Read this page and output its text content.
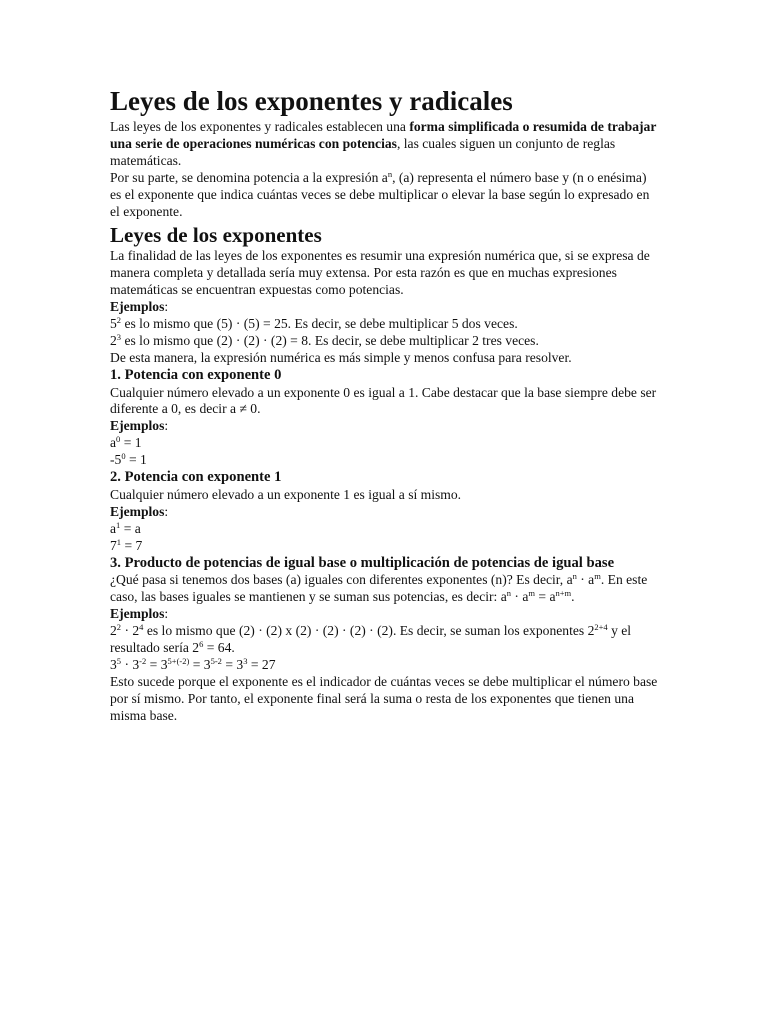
Leyes de los exponentes y radicales

Las leyes de los exponentes y radicales establecen una forma simplificada o resumida de trabajar una serie de operaciones numéricas con potencias, las cuales siguen un conjunto de reglas matemáticas.

Por su parte, se denomina potencia a la expresión $a^n$, (a) representa el número base y (n o enésima) es el exponente que indica cuántas veces se debe multiplicar o elevar la base según lo expresado en el exponente.

Leyes de los exponentes

La finalidad de las leyes de los exponentes es resumir una expresión numérica que, si se expresa de manera completa y detallada sería muy extensa. Por esta razón es que en muchas expresiones matemáticas se encuentran expuestas como potencias.

Ejemplos:

$5^2$ es lo mismo que (5) · (5) = 25. Es decir, se debe multiplicar 5 dos veces.

$2^3$ es lo mismo que (2) · (2) · (2) = 8. Es decir, se debe multiplicar 2 tres veces.

De esta manera, la expresión numérica es más simple y menos confusa para resolver.

1. Potencia con exponente 0

Cualquier número elevado a un exponente 0 es igual a 1. Cabe destacar que la base siempre debe ser diferente a 0, es decir a ≠ 0.

Ejemplos:

$a^0 = 1$

$-5^0 = 1$

2. Potencia con exponente 1

Cualquier número elevado a un exponente 1 es igual a sí mismo.

Ejemplos:

$a^1 = a$

$7^1 = 7$

3. Producto de potencias de igual base o multiplicación de potencias de igual base

¿Qué pasa si tenemos dos bases (a) iguales con diferentes exponentes (n)? Es decir, $a^n \cdot a^m$. En este caso, las bases iguales se mantienen y se suman sus potencias, es decir: $a^n \cdot a^m = a^{n+m}$.

Ejemplos:

$2^2 \cdot 2^4$ es lo mismo que (2) · (2) x (2) · (2) · (2) · (2). Es decir, se suman los exponentes $2^{2+4}$ y el resultado sería $2^6 = 64$.

$3^5 \cdot 3^{-2} = 3^{5+(-2)} = 3^{5-2} = 3^3 = 27$

Esto sucede porque el exponente es el indicador de cuántas veces se debe multiplicar el número base por sí mismo. Por tanto, el exponente final será la suma o resta de los exponentes que tienen una misma base.
